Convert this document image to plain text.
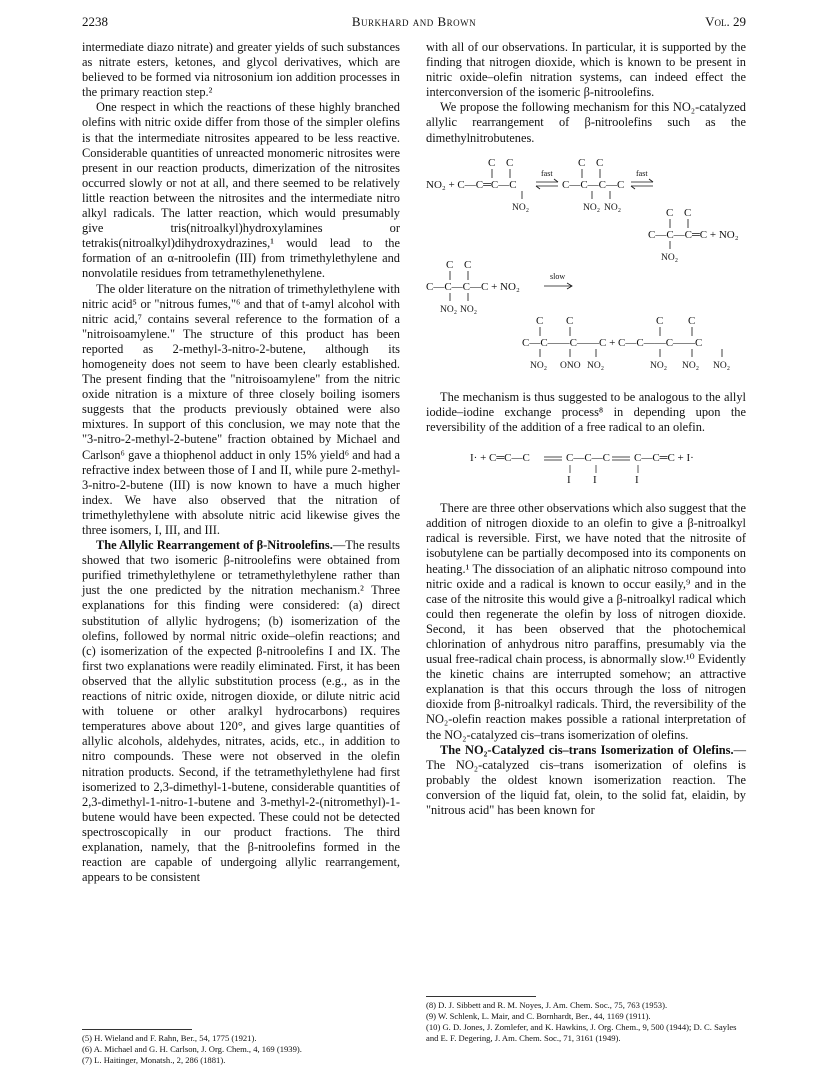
2238	Burkhard and Brown	Vol. 29

intermediate diazo nitrate) and greater yields of such substances as nitrate esters, ketones, and glycol derivatives, which are believed to be formed via nitrosonium ion addition processes in the primary reaction step.²

One respect in which the reactions of these highly branched olefins with nitric oxide differ from those of the simpler olefins is that the intermediate nitrosites appeared to be less reactive. Considerable quantities of unreacted monomeric nitrosites were present in our reaction products, dimerization of the nitrosites occurred slowly or not at all, and there seemed to be relatively little reaction between the nitrosites and the intermediate nitro alkyl radicals. The latter reaction, which would presumably give tris(nitroalkyl)hydroxylamines or tetrakis(nitroalkyl)dihydroxydrazines,¹ would lead to the formation of an α-nitroolefin (III) from trimethylethylene and nonvolatile residues from tetramethylenethylene.

The older literature on the nitration of trimethylethylene with nitric acid⁵ or "nitrous fumes,"⁶ and that of t-amyl alcohol with nitric acid,⁷ contains several reference to the formation of a "nitroisoamylene." The structure of this product has been reported as 2-methyl-3-nitro-2-butene, although its homogeneity does not seem to have been clearly established. The present finding that the "nitroisoamylene" from the nitric oxide nitration is a mixture of three closely boiling isomers suggests that the products previously obtained were also mixtures. In support of this conclusion, we may note that the "3-nitro-2-methyl-2-butene" fraction obtained by Michael and Carlson⁶ gave a thiophenol adduct in only 15% yield⁶ and had a refractive index between those of I and II, while pure 2-methyl-3-nitro-2-butene (III) is now known to have a much higher index. We have also observed that the nitration of trimethylethylene with absolute nitric acid likewise gives the three isomers, I, III, and III.

The Allylic Rearrangement of β-Nitroolefins.—The results showed that two isomeric β-nitroolefins were obtained from purified trimethylethylene or tetramethylethylene rather than just the one predicted by the nitration mechanism.² Three explanations for this finding were considered: (a) direct substitution of allylic hydrogens; (b) isomerization of the olefins, followed by normal nitric oxide–olefin reactions; and (c) isomerization of the expected β-nitroolefins I and IX. The first two explanations were readily eliminated. First, it has been observed that the allylic substitution process (e.g., as in the reactions of nitric oxide, nitrogen dioxide, or dilute nitric acid with toluene or other aralkyl hydrocarbons) requires temperatures above about 120°, and gives large quantities of allylic alcohols, aldehydes, nitrates, acids, etc., in addition to nitro compounds. These were not observed in the olefin nitration products. Second, if the tetramethylethylene had first isomerized to 2,3-dimethyl-1-butene, considerable quantities of 2,3-dimethyl-1-nitro-1-butene and 3-methyl-2-(nitromethyl)-1-butene would have been expected. These could not be detected spectroscopically in our product fractions. The third explanation, namely, that the β-nitroolefins formed in the reaction are capable of undergoing allylic rearrangement, appears to be consistent

with all of our observations. In particular, it is supported by the finding that nitrogen dioxide, which is known to be present in nitric oxide–olefin nitration systems, can indeed effect the interconversion of the isomeric β-nitroolefins.

We propose the following mechanism for this NO₂-catalyzed allylic rearrangement of β-nitroolefins such as the dimethylnitrobutenes.

NO₂ + C—C═C—C
C C
NO₂
fast
C—C—C—C
C C
NO₂ NO₂
fast
C C
C—C—C═C + NO₂
NO₂
C C
C—C—C—C + NO₂
NO₂ NO₂
slow
C C
C—C——C——C + C—C——C——C
C C
NO₂ ONO NO₂	NO₂ NO₂ NO₂

The mechanism is thus suggested to be analogous to the allyl iodide–iodine exchange process⁸ in depending upon the reversibility of the addition of a free radical to an olefin.

I· + C═C—C	C—C—C C—C═C + I·
I I	I

There are three other observations which also suggest that the addition of nitrogen dioxide to an olefin to give a β-nitroalkyl radical is reversible. First, we have noted that the nitrosite of isobutylene can be partially decomposed into its components on heating.¹ The dissociation of an aliphatic nitroso compound into nitric oxide and a radical is known to occur easily,⁹ and in the case of the nitrosite this would give a β-nitroalkyl radical which could then regenerate the olefin by loss of nitrogen dioxide. Second, it has been observed that the photochemical chlorination of anhydrous nitro paraffins, presumably via the usual free-radical chain process, is abnormally slow.¹⁰ Evidently the kinetic chains are interrupted somehow; an attractive explanation is that this occurs through the loss of nitrogen dioxide from β-nitroalkyl radicals. Third, the reversibility of the NO₂-olefin reaction makes possible a rational interpretation of the NO₂-catalyzed cis–trans isomerization of olefins.

The NO₂-Catalyzed cis–trans Isomerization of Olefins.—The NO₂-catalyzed cis–trans isomerization of olefins is probably the oldest known isomerization reaction. The conversion of the liquid fat, olein, to the solid fat, elaidin, by "nitrous acid" has been known for

(5) H. Wieland and F. Rahn, Ber., 54, 1775 (1921).

(6) A. Michael and G. H. Carlson, J. Org. Chem., 4, 169 (1939).

(7) L. Haitinger, Monatsh., 2, 286 (1881).

(8) D. J. Sibbett and R. M. Noyes, J. Am. Chem. Soc., 75, 763 (1953).

(9) W. Schlenk, L. Mair, and C. Bornhardt, Ber., 44, 1169 (1911).

(10) G. D. Jones, J. Zomlefer, and K. Hawkins, J. Org. Chem., 9, 500 (1944); D. C. Sayles and E. F. Degering, J. Am. Chem. Soc., 71, 3161 (1949).
